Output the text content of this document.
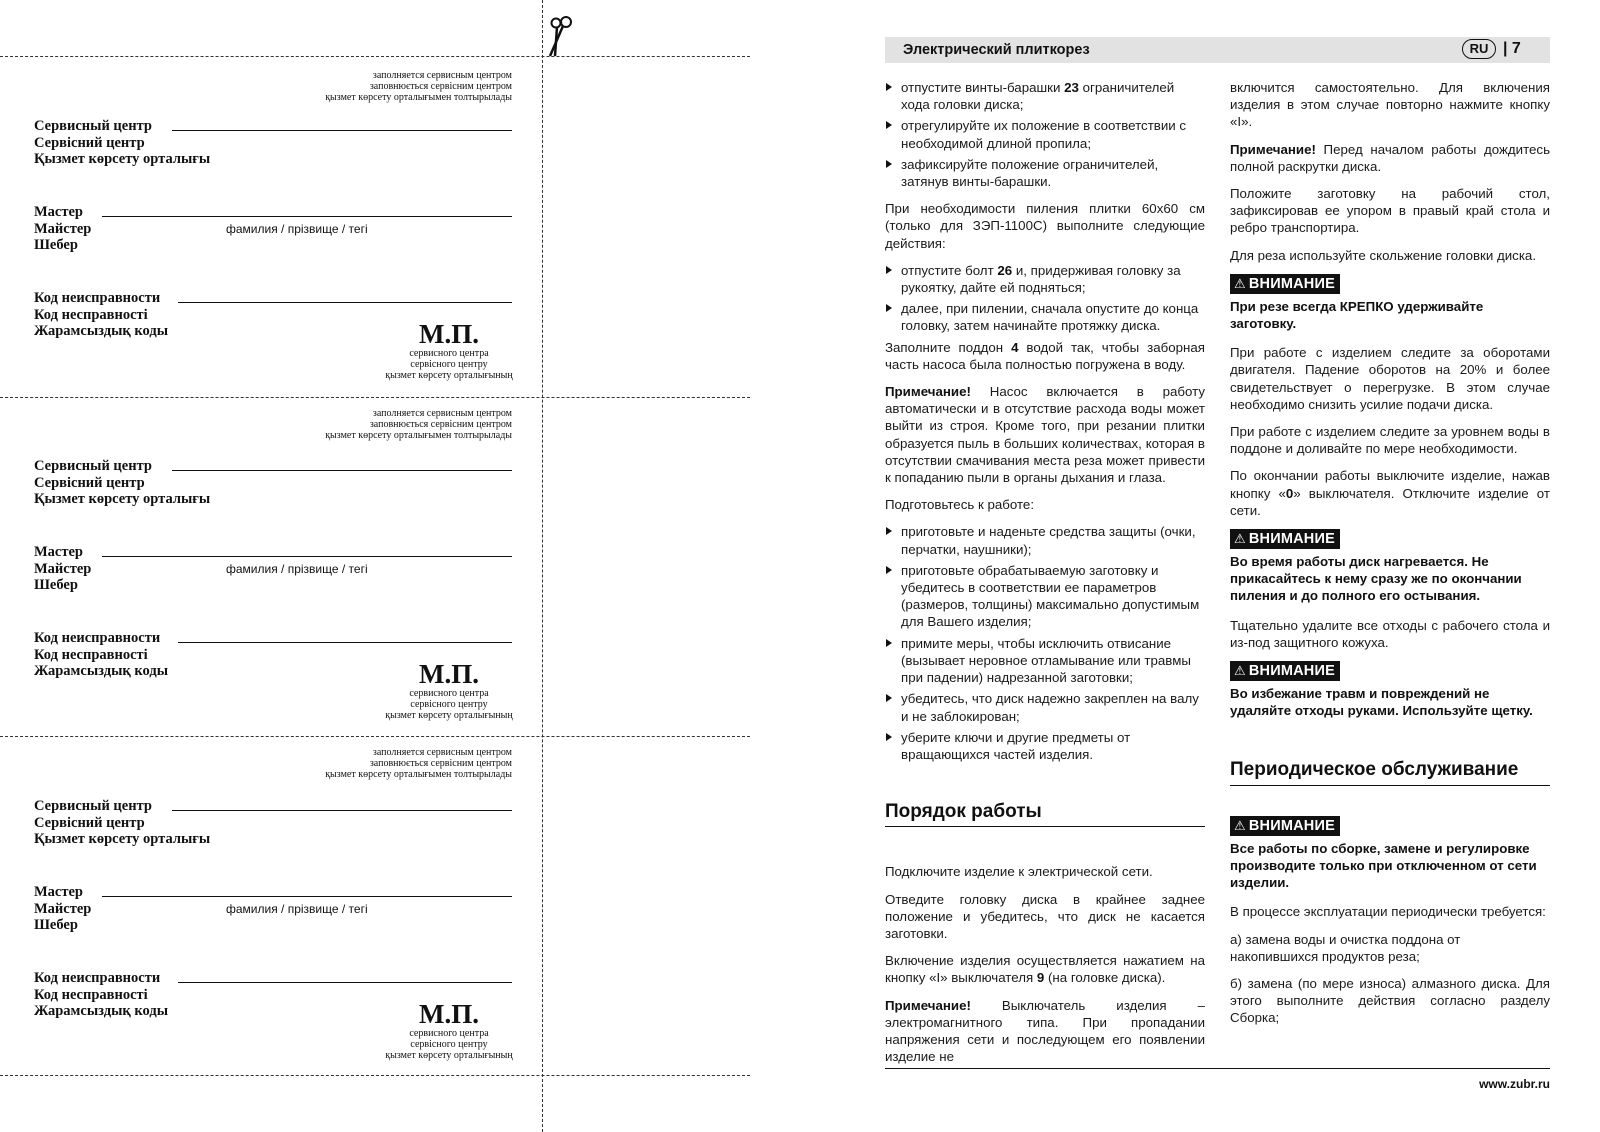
заполняется сервисным центром
заповнюється сервісним центром
қызмет көрсету орталығымен толтырылады
Сервисный центр
Сервісний центр
Қызмет көрсету орталығы
Мастер
Майстер
Шебер
фамилия / прізвище / тегі
Код неисправности
Код несправності
Жарамсыздық коды	М.П.
сервисного центра
сервісного центру
қызмет көрсету орталығының
заполняется сервисным центром
заповнюється сервісним центром
қызмет көрсету орталығымен толтырылады
Сервисный центр
Сервісний центр
Қызмет көрсету орталығы
Мастер
Майстер
Шебер
фамилия / прізвище / тегі
Код неисправности
Код несправності
Жарамсыздық коды	М.П.
сервисного центра
сервісного центру
қызмет көрсету орталығының
заполняется сервисным центром
заповнюється сервісним центром
қызмет көрсету орталығымен толтырылады
Сервисный центр
Сервісний центр
Қызмет көрсету орталығы
Мастер
Майстер
Шебер
фамилия / прізвище / тегі
Код неисправности
Код несправності
Жарамсыздық коды	М.П.
сервисного центра
сервісного центру
қызмет көрсету орталығының
Электрический плиткорез	RU | 7
отпустите винты-барашки 23 ограничителей хода головки диска;
отрегулируйте их положение в соответствии с необходимой длиной пропила;
зафиксируйте положение ограничителей, затянув винты-барашки.

При необходимости пиления плитки 60х60 см (только для ЗЭП-1100С) выполните следующие действия:

отпустите болт 26 и, придерживая головку за рукоятку, дайте ей подняться;
далее, при пилении, сначала опустите до конца головку, затем начинайте протяжку диска.

Заполните поддон 4 водой так, чтобы заборная часть насоса была полностью погружена в воду.

Примечание! Насос включается в работу автоматически и в отсутствие расхода воды может выйти из строя. Кроме того, при резании плитки образуется пыль в больших количествах, которая в отсутствии смачивания места реза может привести к попаданию пыли в органы дыхания и глаза.

Подготовьтесь к работе:

приготовьте и наденьте средства защиты (очки, перчатки, наушники);
приготовьте обрабатываемую заготовку и убедитесь в соответствии ее параметров (размеров, толщины) максимально допустимым для Вашего изделия;
примите меры, чтобы исключить отвисание (вызывает неровное отламывание или травмы при падении) надрезанной заготовки;
убедитесь, что диск надежно закреплен на валу и не заблокирован;
уберите ключи и другие предметы от вращающихся частей изделия.
Порядок работы

Подключите изделие к электрической сети.

Отведите головку диска в крайнее заднее положение и убедитесь, что диск не касается заготовки.

Включение изделия осуществляется нажатием на кнопку «I» выключателя 9 (на головке диска).

Примечание! Выключатель изделия – электромагнитного типа. При пропадании напряжения сети и последующем его появлении изделие не

включится самостоятельно. Для включения изделия в этом случае повторно нажмите кнопку «I».

Примечание! Перед началом работы дождитесь полной раскрутки диска.

Положите заготовку на рабочий стол, зафиксировав ее упором в правый край стола и ребро транспортира.

Для реза используйте скольжение головки диска.

⚠ ВНИМАНИЕ

При резе всегда КРЕПКО удерживайте заготовку.

При работе с изделием следите за оборотами двигателя. Падение оборотов на 20% и более свидетельствует о перегрузке. В этом случае необходимо снизить усилие подачи диска.

При работе с изделием следите за уровнем воды в поддоне и доливайте по мере необходимости.

По окончании работы выключите изделие, нажав кнопку «0» выключателя. Отключите изделие от сети.

⚠ ВНИМАНИЕ

Во время работы диск нагревается. Не прикасайтесь к нему сразу же по окончании пиления и до полного его остывания.

Тщательно удалите все отходы с рабочего стола и из-под защитного кожуха.

⚠ ВНИМАНИЕ

Во избежание травм и повреждений не удаляйте отходы руками. Используйте щетку.

Периодическое обслуживание
⚠ ВНИМАНИЕ

Все работы по сборке, замене и регулировке производите только при отключенном от сети изделии.

В процессе эксплуатации периодически требуется:

а) замена воды и очистка поддона от накопившихся продуктов реза;

б) замена (по мере износа) алмазного диска. Для этого выполните действия согласно разделу Сборка;

www.zubr.ru
